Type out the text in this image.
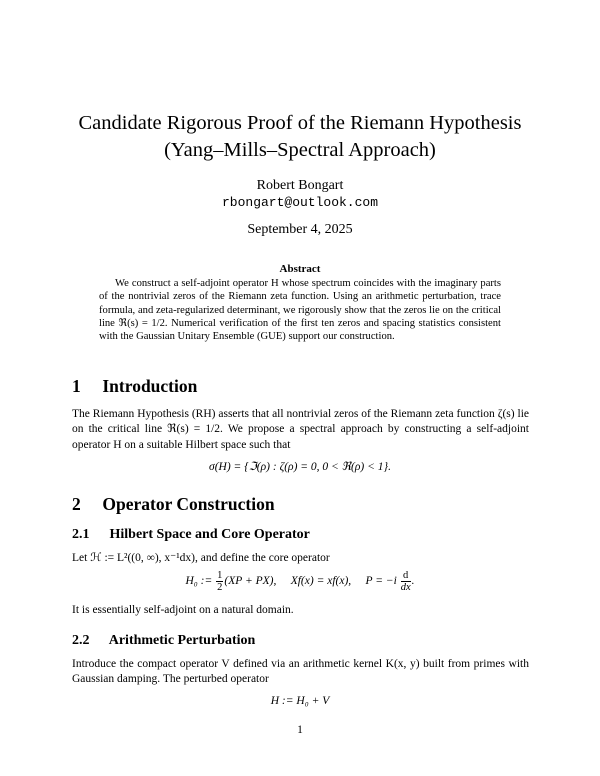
Candidate Rigorous Proof of the Riemann Hypothesis
(Yang–Mills–Spectral Approach)
Robert Bongart
rbongart@outlook.com
September 4, 2025
Abstract
We construct a self-adjoint operator H whose spectrum coincides with the imaginary parts of the nontrivial zeros of the Riemann zeta function. Using an arithmetic perturbation, trace formula, and zeta-regularized determinant, we rigorously show that the zeros lie on the critical line ℜ(s) = 1/2. Numerical verification of the first ten zeros and spacing statistics consistent with the Gaussian Unitary Ensemble (GUE) support our construction.
1 Introduction
The Riemann Hypothesis (RH) asserts that all nontrivial zeros of the Riemann zeta function ζ(s) lie on the critical line ℜ(s) = 1/2. We propose a spectral approach by constructing a self-adjoint operator H on a suitable Hilbert space such that
σ(H) = {ℑ(ρ) : ζ(ρ) = 0, 0 < ℜ(ρ) < 1}.
2 Operator Construction
2.1 Hilbert Space and Core Operator
Let ℋ := L²((0, ∞), x⁻¹dx), and define the core operator
H₀ := $\frac{1}{2} (XP + PX)$,     Xf(x) = xf(x),     $P = -i \frac{d}{dx}$ .
It is essentially self-adjoint on a natural domain.
2.2 Arithmetic Perturbation
Introduce the compact operator V defined via an arithmetic kernel K(x, y) built from primes with Gaussian damping. The perturbed operator
H := H₀ + V
1
